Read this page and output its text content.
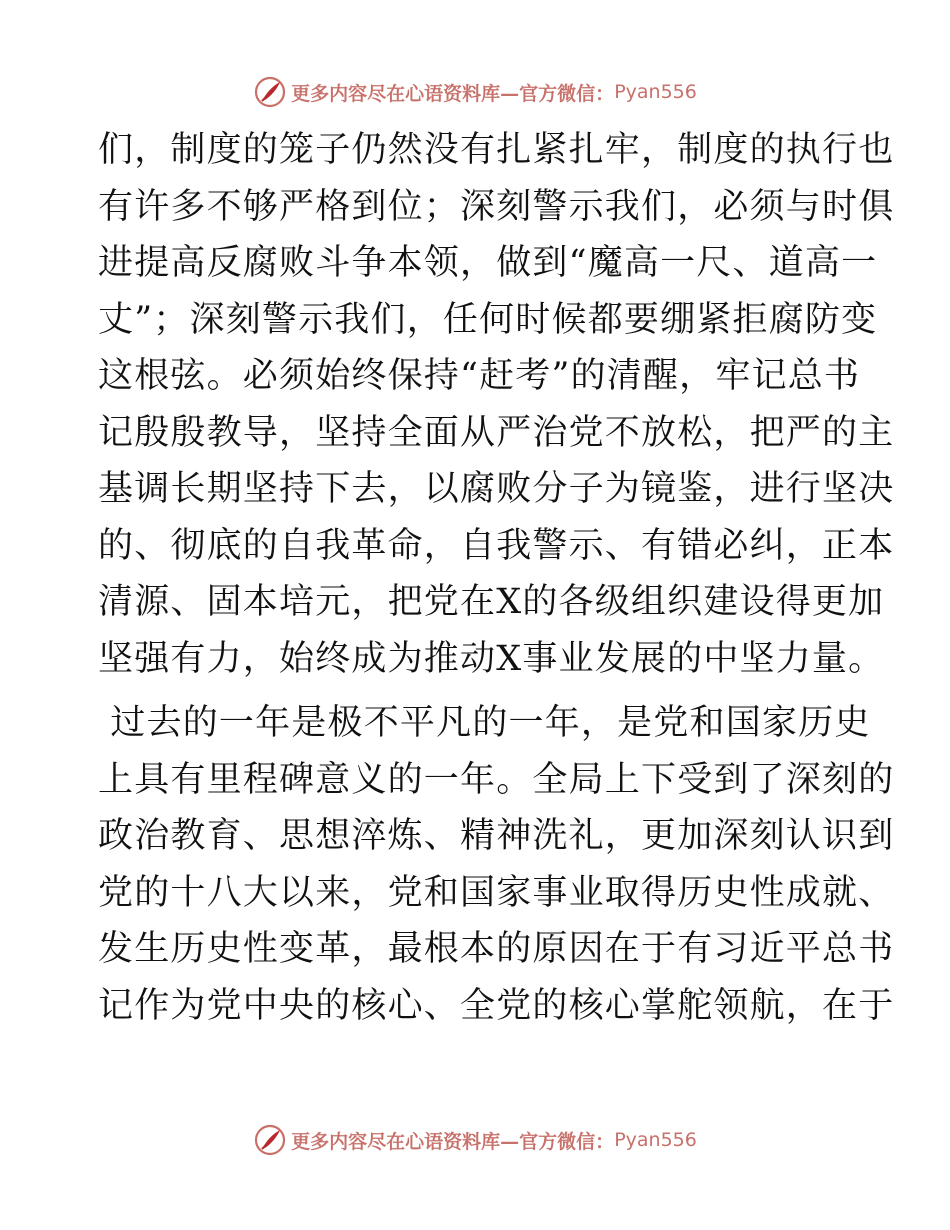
更多内容尽在心语资料库— 官方微信： Pyan556

们，制度的笼子仍然没有扎紧扎牢，制度的执行也
有许多不够严格到位；深刻警示我们，必须与时俱
进提高反腐败斗争本领，做到“魔高一尺、道高一
丈”；深刻警示我们，任何时候都要绷紧拒腐防变
这根弦。必须始终保持“赶考”的清醒，牢记总书
记殷殷教导，坚持全面从严治党不放松，把严的主
基调长期坚持下去，以腐败分子为镜鉴，进行坚决
的、彻底的自我革命，自我警示、有错必纠，正本
清源、固本培元，把党在X的各级组织建设得更加
坚强有力，始终成为推动X事业发展的中坚力量。

过去的一年是极不平凡的一年，是党和国家历史
上具有里程碑意义的一年。全局上下受到了深刻的
政治教育、思想淬炼、精神洗礼，更加深刻认识到
党的十八大以来，党和国家事业取得历史性成就、
发生历史性变革，最根本的原因在于有习近平总书
记作为党中央的核心、全党的核心掌舵领航，在于

更多内容尽在心语资料库— 官方微信： Pyan556
